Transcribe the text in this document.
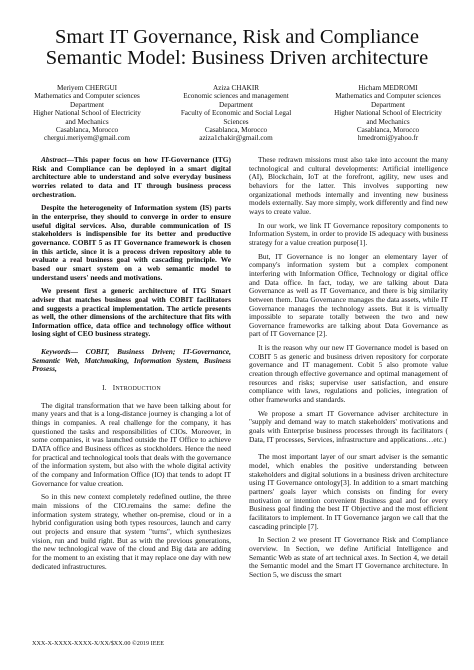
Smart IT Governance, Risk and Compliance
Semantic Model: Business Driven architecture
Meriyem CHERGUI
Mathematics and Computer sciences
Department
Higher National School of Electricity
and Mechanics
Casablanca, Morocco
chergui.meriyem@gmail.com
Aziza CHAKIR
Economic sciences and management
Department
Faculty of Economic and Social Legal
Sciences
Casablanca, Morocco
aziza1chakir@gmail.com
Hicham MEDROMI
Mathematics and Computer sciences
Department
Higher National School of Electricity
and Mechanics
Casablanca, Morocco
hmedromi@yahoo.fr

Abstract—This paper focus on how IT-Governance (ITG) Risk and Compliance can be deployed in a smart digital architecture able to understand and solve everyday business worries related to data and IT through business process orchestration.

Despite the heterogeneity of Information system (IS) parts in the enterprise, they should to converge in order to ensure useful digital services. Also, durable communication of IS stakeholders is indispensible for its better and productive governance. COBIT 5 as IT Governance framework is chosen in this article, since it is a process driven repository able to evaluate a real business goal with cascading principle. We based our smart system on a web semantic model to understand users' needs and motivations.

We present first a generic architecture of ITG Smart adviser that matches business goal with COBIT facilitators and suggests a practical implementation. The article presents as well, the other dimensions of the architecture that fits with Information office, data office and technology office without losing sight of CEO business strategy.

Keywords— COBIT, Business Driven; IT-Governance, Semantic Web, Matchmaking, Information System, Business Prosess,

I. INTRODUCTION

The digital transformation that we have been talking about for many years and that is a long-distance journey is changing a lot of things in companies. A real challenge for the company, it has questioned the tasks and responsibilities of CIOs. Moreover, in some companies, it was launched outside the IT Office to achieve DATA office and Business offices as stockholders. Hence the need for practical and technological tools that deals with the governance of the information system, but also with the whole digital activity of the company and Information Office (IO) that tends to adopt IT Governance for value creation.

So in this new context completely redefined outline, the three main missions of the CIO.remains the same: define the information system strategy, whether on-premise, cloud or in a hybrid configuration using both types resources, launch and carry out projects and ensure that system "turns", which synthesizes vision, run and build right. But as with the previous generations, the new technological wave of the cloud and Big data are adding for the moment to an existing that it may replace one day with new dedicated infrastructures.

These redrawn missions must also take into account the many technological and cultural developments: Artificial intelligence (AI), Blockchain, IoT at the forefront, agility, new uses and behaviors for the latter. This involves supporting new organizational methods internally and inventing new business models externally. Say more simply, work differently and find new ways to create value.

In our work, we link IT Governance repository components to Information System, in order to provide IS adequacy with business strategy for a value creation purpose[1].

But, IT Governance is no longer an elementary layer of company's information system but a complex component interfering with Information Office, Technology or digital office and Data office. In fact, today, we are talking about Data Governance as well as IT Governance, and there is big similarity between them. Data Governance manages the data assets, while IT Governance manages the technology assets. But it is virtually impossible to separate totally between the two and new Governance frameworks are talking about Data Governance as part of IT Governance [2].

It is the reason why our new IT Governance model is based on COBIT 5 as generic and business driven repository for corporate governance and IT management. Cobit 5 also promote value creation through effective governance and optimal management of resources and risks; supervise user satisfaction, and ensure compliance with laws, regulations and policies, integration of other frameworks and standards.

We propose a smart IT Governance adviser architecture in "supply and demand way to match stakeholders' motivations and goals with Enterprise business processes through its facilitators ( Data, IT processes, Services, infrastructure and applications…etc.)

The most important layer of our smart adviser is the semantic model, which enables the positive understanding between stakeholders and digital solutions in a business driven architecture using IT Governance ontology[3]. In addition to a smart matching partners' goals layer which consists on finding for every motivation or intention convenient Business goal and for every Business goal finding the best IT Objective and the most efficient facilitators to implement. In IT Governance jargon we call that the cascading principle [7].

In Section 2 we present IT Governance Risk and Compliance overview. In Section, we define Artificial Intelligence and Semantic Web as state of art technical axes. In Section 4, we detail the Semantic model and the Smart IT Governance architecture. In Section 5, we discuss the smart

XXX-X-XXXX-XXXX-X/XX/$XX.00 ©2019 IEEE
